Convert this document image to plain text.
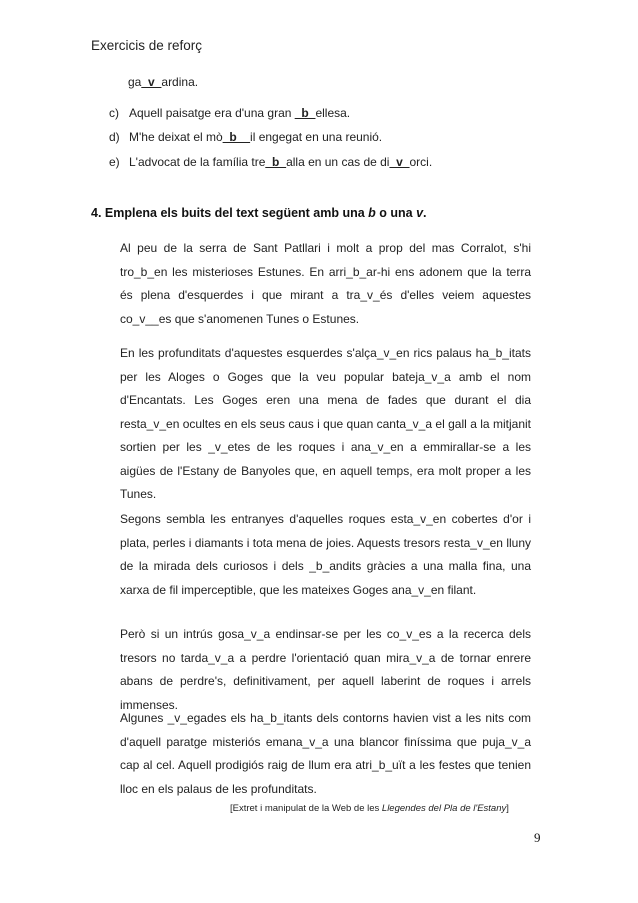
Exercicis de reforç
ga_v_ardina.
c) Aquell paisatge era d'una gran _b_ellesa.
d) M'he deixat el mò_b__il engegat en una reunió.
e) L'advocat de la família tre_b_alla en un cas de di_v_orci.
4. Emplena els buits del text següent amb una b o una v.

Al peu de la serra de Sant Patllari i molt a prop del mas Corralot, s'hi tro_b_en les misterioses Estunes. En arri_b_ar-hi ens adonem que la terra és plena d'esquerdes i que mirant a tra_v_és d'elles veiem aquestes co_v__es que s'anomenen Tunes o Estunes.

En les profunditats d'aquestes esquerdes s'alça_v_en rics palaus ha_b_itats per les Aloges o Goges que la veu popular bateja_v_a amb el nom d'Encantats. Les Goges eren una mena de fades que durant el dia resta_v_en ocultes en els seus caus i que quan canta_v_a el gall a la mitjanit sortien per les _v_etes de les roques i ana_v_en a emmirallar-se a les aigües de l'Estany de Banyoles que, en aquell temps, era molt proper a les Tunes.

Segons sembla les entranyes d'aquelles roques esta_v_en cobertes d'or i plata, perles i diamants i tota mena de joies. Aquests tresors resta_v_en lluny de la mirada dels curiosos i dels _b_andits gràcies a una malla fina, una xarxa de fil imperceptible, que les mateixes Goges ana_v_en filant.

Però si un intrús gosa_v_a endinsar-se per les co_v_es a la recerca dels tresors no tarda_v_a a perdre l'orientació quan mira_v_a de tornar enrere abans de perdre's, definitivament, per aquell laberint de roques i arrels immenses.

Algunes _v_egades els ha_b_itants dels contorns havien vist a les nits com d'aquell paratge misteriós emana_v_a una blancor finíssima que puja_v_a cap al cel. Aquell prodigiós raig de llum era atri_b_uït a les festes que tenien lloc en els palaus de les profunditats.

[Extret i manipulat de la Web de les Llegendes del Pla de l'Estany]
9
